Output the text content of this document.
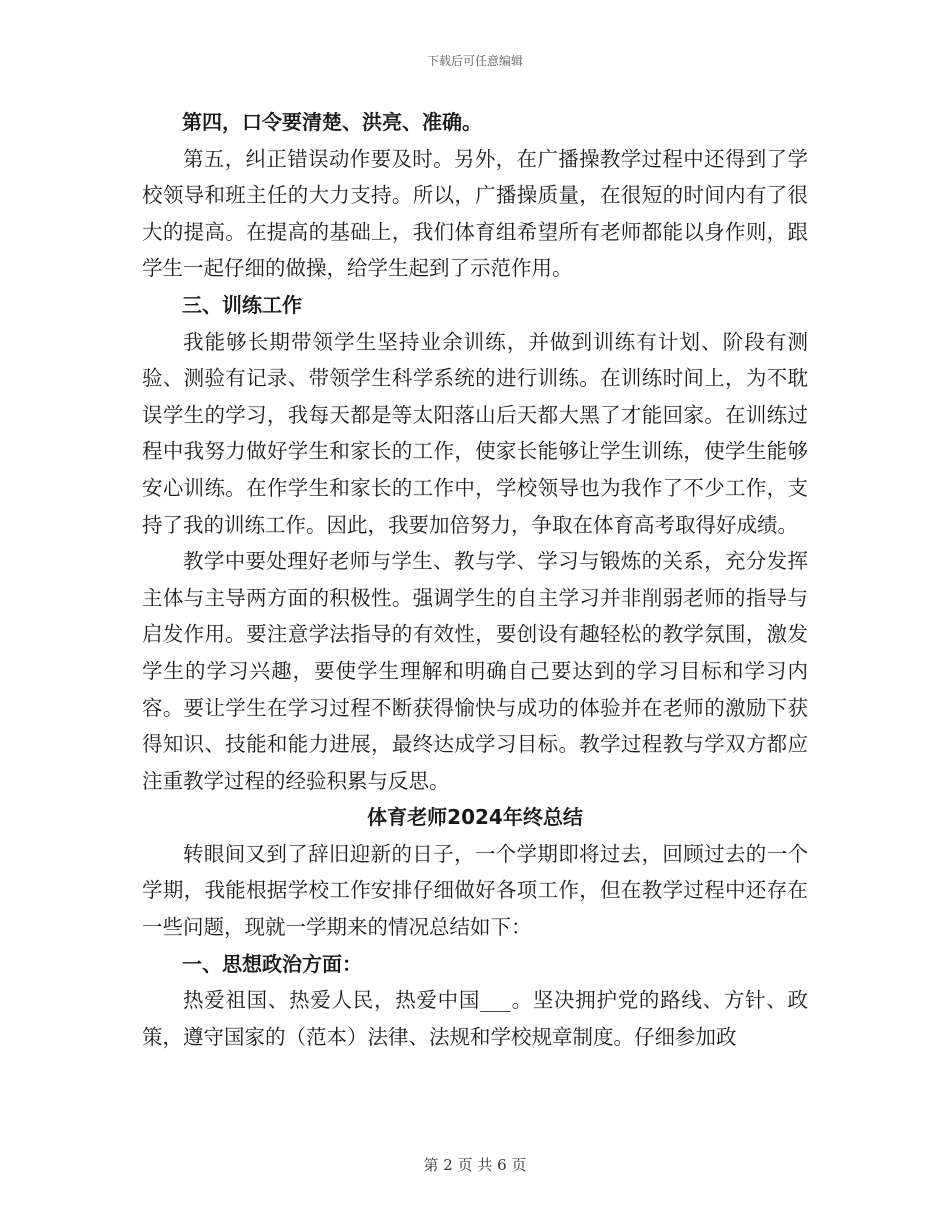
下载后可任意编辑

第四，口令要清楚、洪亮、准确。

第五，纠正错误动作要及时。另外，在广播操教学过程中还得到了学校领导和班主任的大力支持。所以，广播操质量，在很短的时间内有了很大的提高。在提高的基础上，我们体育组希望所有老师都能以身作则，跟学生一起仔细的做操，给学生起到了示范作用。

三、训练工作

我能够长期带领学生坚持业余训练，并做到训练有计划、阶段有测验、测验有记录、带领学生科学系统的进行训练。在训练时间上，为不耽误学生的学习，我每天都是等太阳落山后天都大黑了才能回家。在训练过程中我努力做好学生和家长的工作，使家长能够让学生训练，使学生能够安心训练。在作学生和家长的工作中，学校领导也为我作了不少工作，支持了我的训练工作。因此，我要加倍努力，争取在体育高考取得好成绩。

教学中要处理好老师与学生、教与学、学习与锻炼的关系，充分发挥主体与主导两方面的积极性。强调学生的自主学习并非削弱老师的指导与启发作用。要注意学法指导的有效性，要创设有趣轻松的教学氛围，激发学生的学习兴趣，要使学生理解和明确自己要达到的学习目标和学习内容。要让学生在学习过程不断获得愉快与成功的体验并在老师的激励下获得知识、技能和能力进展，最终达成学习目标。教学过程教与学双方都应注重教学过程的经验积累与反思。

体育老师2024年终总结

转眼间又到了辞旧迎新的日子，一个学期即将过去，回顾过去的一个学期，我能根据学校工作安排仔细做好各项工作，但在教学过程中还存在一些问题，现就一学期来的情况总结如下：

一、思想政治方面：

热爱祖国、热爱人民，热爱中国___。坚决拥护党的路线、方针、政策，遵守国家的（范本）法律、法规和学校规章制度。仔细参加政

第 2 页 共 6 页
